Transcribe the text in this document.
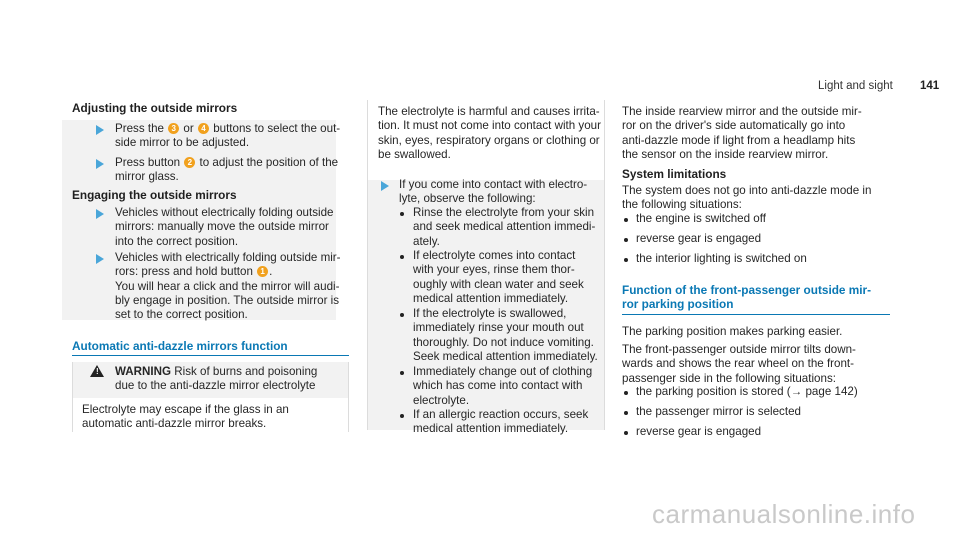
Light and sight 141
Adjusting the outside mirrors
Press the 3 or 4 buttons to select the out-
side mirror to be adjusted.
Press button 2 to adjust the position of the
mirror glass.
Engaging the outside mirrors
Vehicles without electrically folding outside
mirrors: manually move the outside mirror
into the correct position.
Vehicles with electrically folding outside mir-
rors: press and hold button 1 .
You will hear a click and the mirror will audi-
bly engage in position. The outside mirror is
set to the correct position.
Automatic anti-dazzle mirrors function
! WARNING Risk of burns and poisoning
due to the anti-dazzle mirror electrolyte
Electrolyte may escape if the glass in an
automatic anti-dazzle mirror breaks.
The electrolyte is harmful and causes irrita-
tion. It must not come into contact with your
skin, eyes, respiratory organs or clothing or
be swallowed.
If you come into contact with electro-
lyte, observe the following:
Rinse the electrolyte from your skin
and seek medical attention immedi-
ately.
If electrolyte comes into contact
with your eyes, rinse them thor-
oughly with clean water and seek
medical attention immediately.
If the electrolyte is swallowed,
immediately rinse your mouth out
thoroughly. Do not induce vomiting.
Seek medical attention immediately.
Immediately change out of clothing
which has come into contact with
electrolyte.
If an allergic reaction occurs, seek
medical attention immediately.
The inside rearview mirror and the outside mir-
ror on the driver's side automatically go into
anti-dazzle mode if light from a headlamp hits
the sensor on the inside rearview mirror.
System limitations
The system does not go into anti-dazzle mode in
the following situations:
the engine is switched off
reverse gear is engaged
the interior lighting is switched on
Function of the front-passenger outside mir-
ror parking position
The parking position makes parking easier.
The front-passenger outside mirror tilts down-
wards and shows the rear wheel on the front-
passenger side in the following situations:
the parking position is stored (→ page 142)
the passenger mirror is selected
reverse gear is engaged
carmanualsonline.info
